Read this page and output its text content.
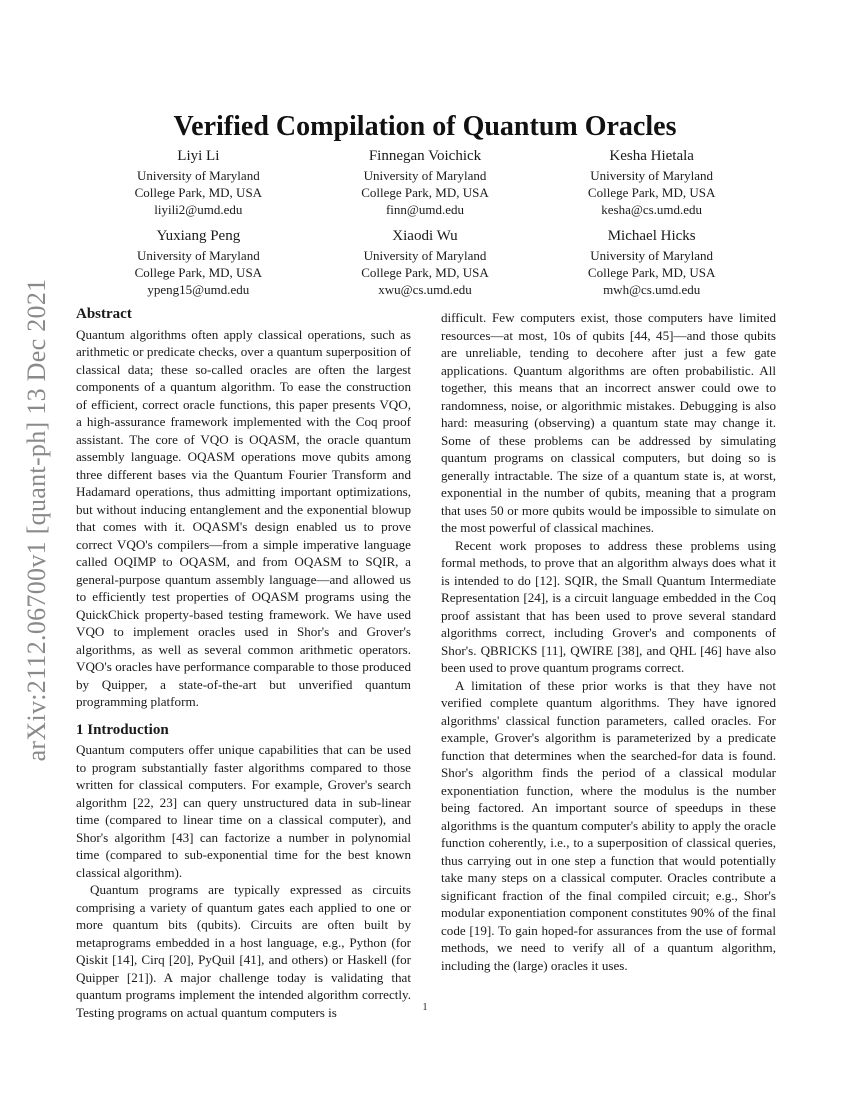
arXiv:2112.06700v1 [quant-ph] 13 Dec 2021
Verified Compilation of Quantum Oracles
Liyi Li
University of Maryland
College Park, MD, USA
liyili2@umd.edu
Finnegan Voichick
University of Maryland
College Park, MD, USA
finn@umd.edu
Kesha Hietala
University of Maryland
College Park, MD, USA
kesha@cs.umd.edu
Yuxiang Peng
University of Maryland
College Park, MD, USA
ypeng15@umd.edu
Xiaodi Wu
University of Maryland
College Park, MD, USA
xwu@cs.umd.edu
Michael Hicks
University of Maryland
College Park, MD, USA
mwh@cs.umd.edu
Abstract

Quantum algorithms often apply classical operations, such as arithmetic or predicate checks, over a quantum superposition of classical data; these so-called oracles are often the largest components of a quantum algorithm. To ease the construction of efficient, correct oracle functions, this paper presents VQO, a high-assurance framework implemented with the Coq proof assistant. The core of VQO is OQASM, the oracle quantum assembly language. OQASM operations move qubits among three different bases via the Quantum Fourier Transform and Hadamard operations, thus admitting important optimizations, but without inducing entanglement and the exponential blowup that comes with it. OQASM's design enabled us to prove correct VQO's compilers—from a simple imperative language called OQIMP to OQASM, and from OQASM to SQIR, a general-purpose quantum assembly language—and allowed us to efficiently test properties of OQASM programs using the QuickChick property-based testing framework. We have used VQO to implement oracles used in Shor's and Grover's algorithms, as well as several common arithmetic operators. VQO's oracles have performance comparable to those produced by Quipper, a state-of-the-art but unverified quantum programming platform.

1 Introduction

Quantum computers offer unique capabilities that can be used to program substantially faster algorithms compared to those written for classical computers. For example, Grover's search algorithm [22, 23] can query unstructured data in sub-linear time (compared to linear time on a classical computer), and Shor's algorithm [43] can factorize a number in polynomial time (compared to sub-exponential time for the best known classical algorithm).

Quantum programs are typically expressed as circuits comprising a variety of quantum gates each applied to one or more quantum bits (qubits). Circuits are often built by metaprograms embedded in a host language, e.g., Python (for Qiskit [14], Cirq [20], PyQuil [41], and others) or Haskell (for Quipper [21]). A major challenge today is validating that quantum programs implement the intended algorithm correctly. Testing programs on actual quantum computers is

difficult. Few computers exist, those computers have limited resources—at most, 10s of qubits [44, 45]—and those qubits are unreliable, tending to decohere after just a few gate applications. Quantum algorithms are often probabilistic. All together, this means that an incorrect answer could owe to randomness, noise, or algorithmic mistakes. Debugging is also hard: measuring (observing) a quantum state may change it. Some of these problems can be addressed by simulating quantum programs on classical computers, but doing so is generally intractable. The size of a quantum state is, at worst, exponential in the number of qubits, meaning that a program that uses 50 or more qubits would be impossible to simulate on the most powerful of classical machines.

Recent work proposes to address these problems using formal methods, to prove that an algorithm always does what it is intended to do [12]. SQIR, the Small Quantum Intermediate Representation [24], is a circuit language embedded in the Coq proof assistant that has been used to prove several standard algorithms correct, including Grover's and components of Shor's. QBRICKS [11], QWIRE [38], and QHL [46] have also been used to prove quantum programs correct.

A limitation of these prior works is that they have not verified complete quantum algorithms. They have ignored algorithms' classical function parameters, called oracles. For example, Grover's algorithm is parameterized by a predicate function that determines when the searched-for data is found. Shor's algorithm finds the period of a classical modular exponentiation function, where the modulus is the number being factored. An important source of speedups in these algorithms is the quantum computer's ability to apply the oracle function coherently, i.e., to a superposition of classical queries, thus carrying out in one step a function that would potentially take many steps on a classical computer. Oracles contribute a significant fraction of the final compiled circuit; e.g., Shor's modular exponentiation component constitutes 90% of the final code [19]. To gain hoped-for assurances from the use of formal methods, we need to verify all of a quantum algorithm, including the (large) oracles it uses.

1
